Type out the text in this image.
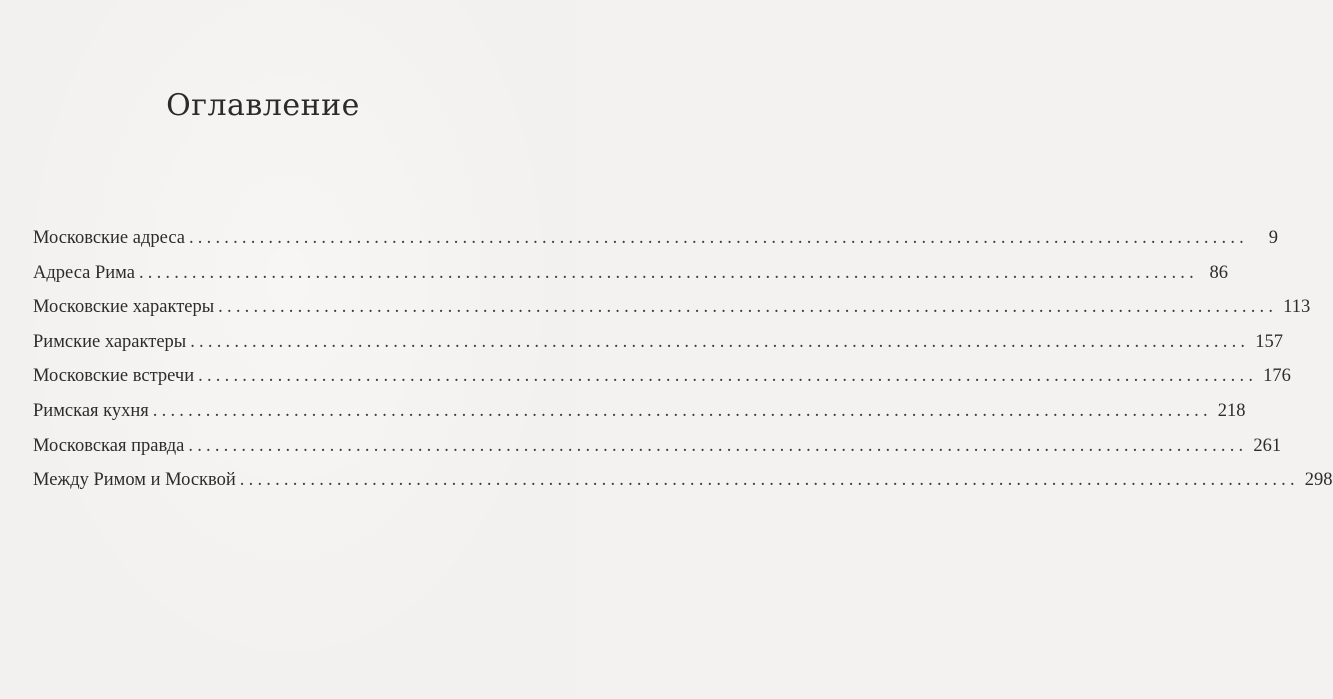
Оглавление
Московские адреса ........................................................................................................................	9
Адреса Рима ........................................................................................................................ 86
Московские характеры ........................................................................................................................ 113
Римские характеры ........................................................................................................................ 157
Московские встречи ........................................................................................................................ 176
Римская кухня ........................................................................................................................ 218
Московская правда ........................................................................................................................ 261
Между Римом и Москвой ........................................................................................................................ 298
